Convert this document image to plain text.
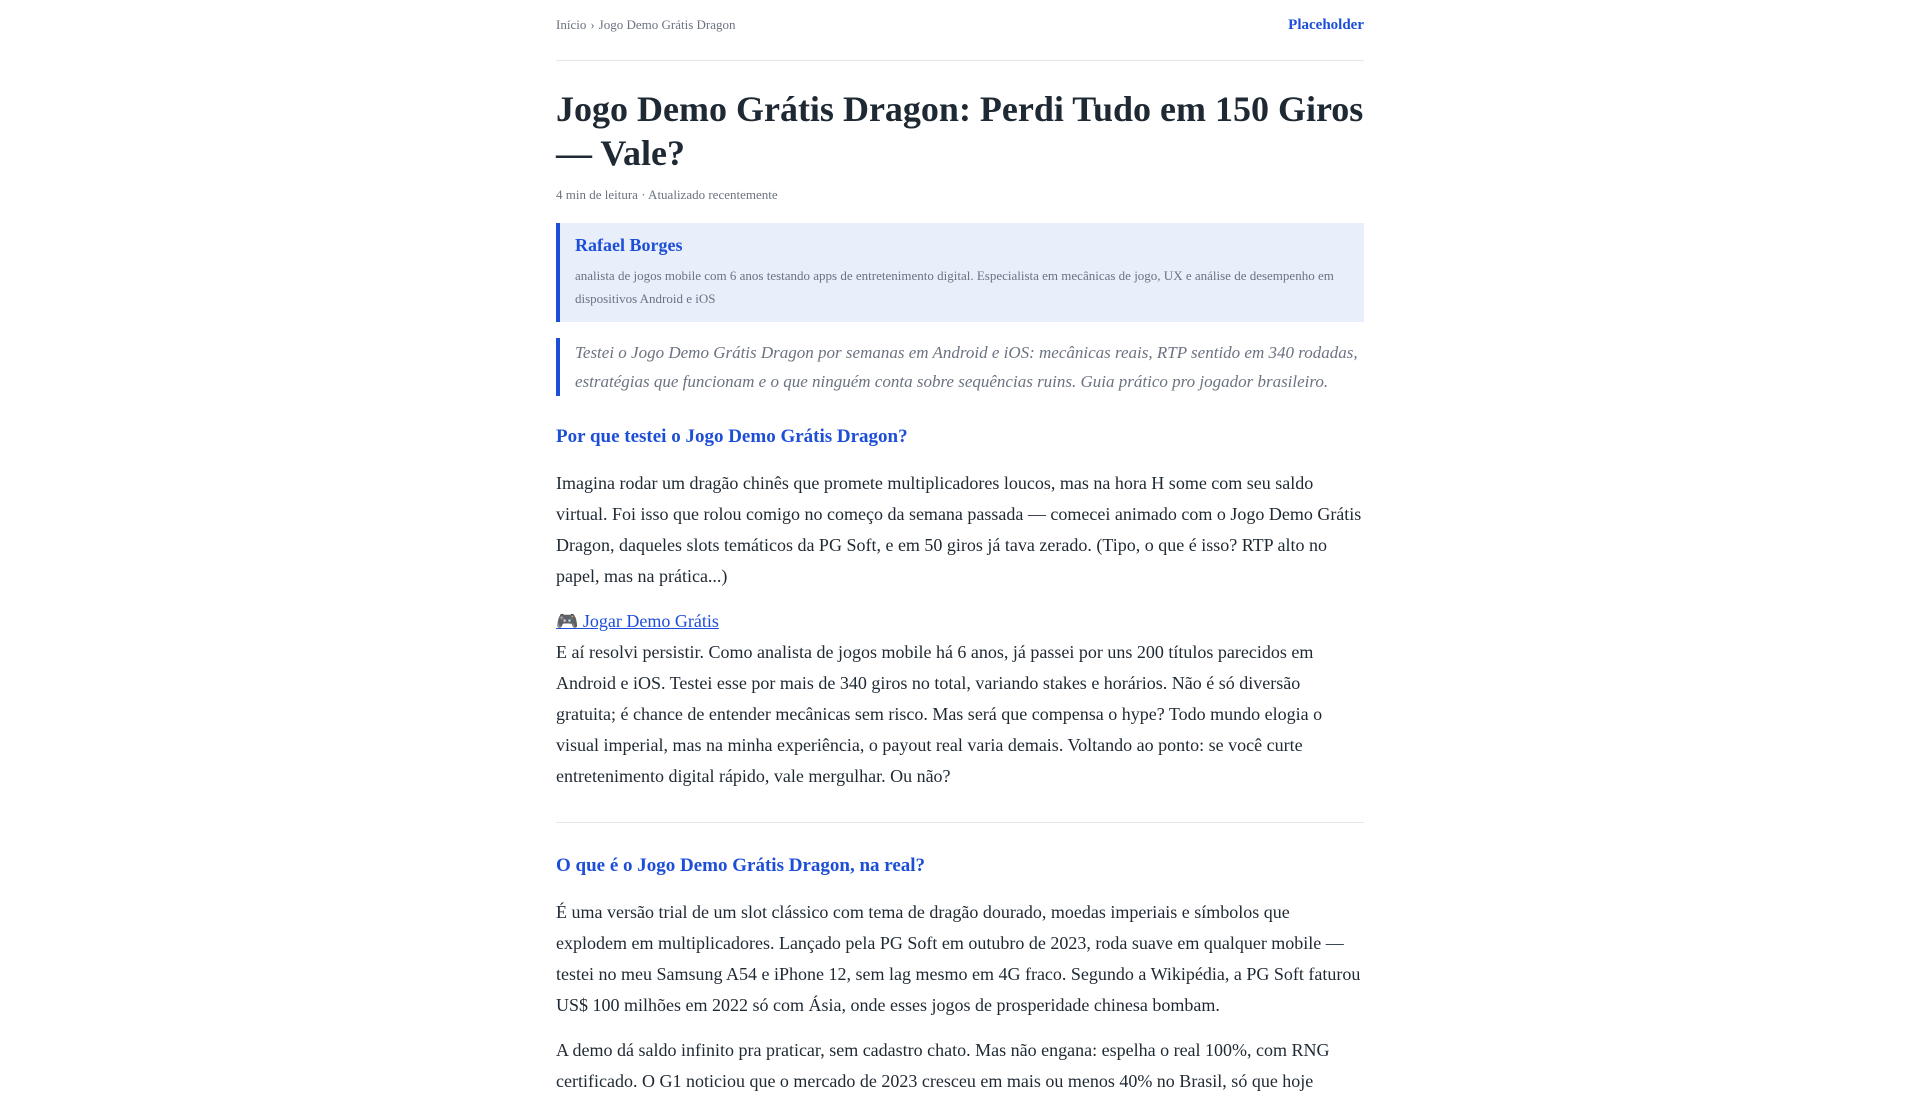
Início › Jogo Demo Grátis Dragon	Placeholder
Jogo Demo Grátis Dragon: Perdi Tudo em 150 Giros — Vale?
4 min de leitura · Atualizado recentemente
Rafael Borges
analista de jogos mobile com 6 anos testando apps de entretenimento digital. Especialista em mecânicas de jogo, UX e análise de desempenho em dispositivos Android e iOS
Testei o Jogo Demo Grátis Dragon por semanas em Android e iOS: mecânicas reais, RTP sentido em 340 rodadas, estratégias que funcionam e o que ninguém conta sobre sequências ruins. Guia prático pro jogador brasileiro.
Por que testei o Jogo Demo Grátis Dragon?

Imagina rodar um dragão chinês que promete multiplicadores loucos, mas na hora H some com seu saldo virtual. Foi isso que rolou comigo no começo da semana passada — comecei animado com o Jogo Demo Grátis Dragon, daqueles slots temáticos da PG Soft, e em 50 giros já tava zerado. (Tipo, o que é isso? RTP alto no papel, mas na prática...)

🎮 Jogar Demo Grátis

E aí resolvi persistir. Como analista de jogos mobile há 6 anos, já passei por uns 200 títulos parecidos em Android e iOS. Testei esse por mais de 340 giros no total, variando stakes e horários. Não é só diversão gratuita; é chance de entender mecânicas sem risco. Mas será que compensa o hype? Todo mundo elogia o visual imperial, mas na minha experiência, o payout real varia demais. Voltando ao ponto: se você curte entretenimento digital rápido, vale mergulhar. Ou não?

O que é o Jogo Demo Grátis Dragon, na real?

É uma versão trial de um slot clássico com tema de dragão dourado, moedas imperiais e símbolos que explodem em multiplicadores. Lançado pela PG Soft em outubro de 2023, roda suave em qualquer mobile — testei no meu Samsung A54 e iPhone 12, sem lag mesmo em 4G fraco. Segundo a Wikipédia, a PG Soft faturou US$ 100 milhões em 2022 só com Ásia, onde esses jogos de prosperidade chinesa bombam.

A demo dá saldo infinito pra praticar, sem cadastro chato. Mas não engana: espelha o real 100%, com RNG certificado. O G1 noticiou que o mercado de 2023 cresceu em mais ou menos 40% no Brasil, só que hoje
